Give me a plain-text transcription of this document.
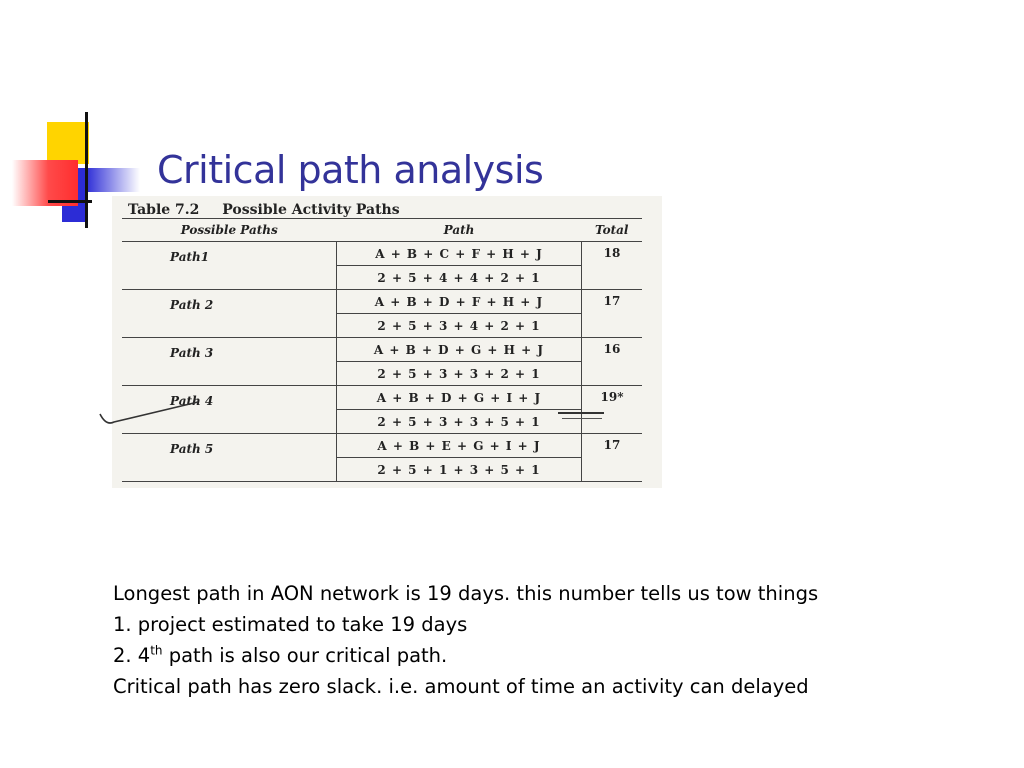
Critical path analysis
Table 7.2 Possible Activity Paths
Possible Paths	Path	Total
Path1	A + B + C + F + H + J	18
	2 + 5 + 4 + 4 + 2 + 1	
Path 2	A + B + D + F + H + J	17
	2 + 5 + 3 + 4 + 2 + 1	
Path 3	A + B + D + G + H + J	16
	2 + 5 + 3 + 3 + 2 + 1	
Path 4	A + B + D + G + I + J	19*
	2 + 5 + 3 + 3 + 5 + 1	
Path 5	A + B + E + G + I + J	17
	2 + 5 + 1 + 3 + 5 + 1	

Longest path in AON network is 19 days. this number tells us tow things

1. project estimated to take 19 days

2. 4th path is also our critical path.

Critical path has zero slack. i.e. amount of time an activity can delayed
